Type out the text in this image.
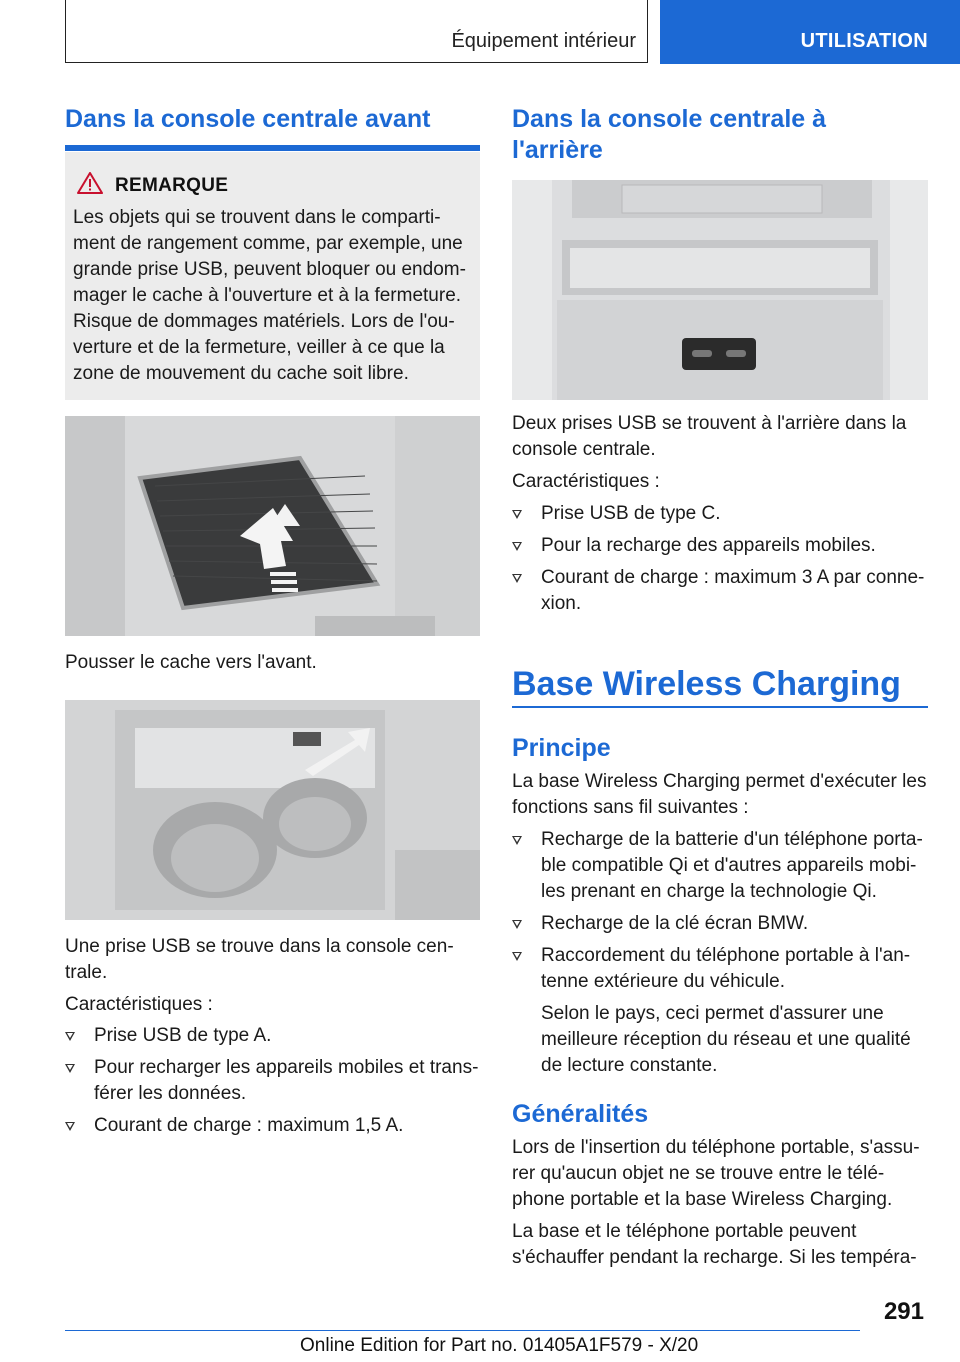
Équipement intérieur	UTILISATION
Dans la console centrale avant
REMARQUE
Les objets qui se trouvent dans le comparti-
ment de rangement comme, par exemple, une
grande prise USB, peuvent bloquer ou endom-
mager le cache à l'ouverture et à la fermeture.
Risque de dommages matériels. Lors de l'ou-
verture et de la fermeture, veiller à ce que la
zone de mouvement du cache soit libre.

Pousser le cache vers l'avant.

Une prise USB se trouve dans la console cen-

trale.

Caractéristiques :

Prise USB de type A.
Pour recharger les appareils mobiles et trans-
férer les données.
Courant de charge : maximum 1,5 A.
Dans la console centrale à
l'arrière

Deux prises USB se trouvent à l'arrière dans la

console centrale.

Caractéristiques :

Prise USB de type C.
Pour la recharge des appareils mobiles.
Courant de charge : maximum 3 A par conne-
xion.
Base Wireless Charging
Principe

La base Wireless Charging permet d'exécuter les

fonctions sans fil suivantes :

Recharge de la batterie d'un téléphone porta-
ble compatible Qi et d'autres appareils mobi-
les prenant en charge la technologie Qi.
Recharge de la clé écran BMW.
Raccordement du téléphone portable à l'an-
tenne extérieure du véhicule.
Selon le pays, ceci permet d'assurer une
meilleure réception du réseau et une qualité
de lecture constante.
Généralités
Lors de l'insertion du téléphone portable, s'assu-
rer qu'aucun objet ne se trouve entre le télé-
phone portable et la base Wireless Charging.
La base et le téléphone portable peuvent
s'échauffer pendant la recharge. Si les tempéra-
291
Online Edition for Part no. 01405A1F579 - X/20
